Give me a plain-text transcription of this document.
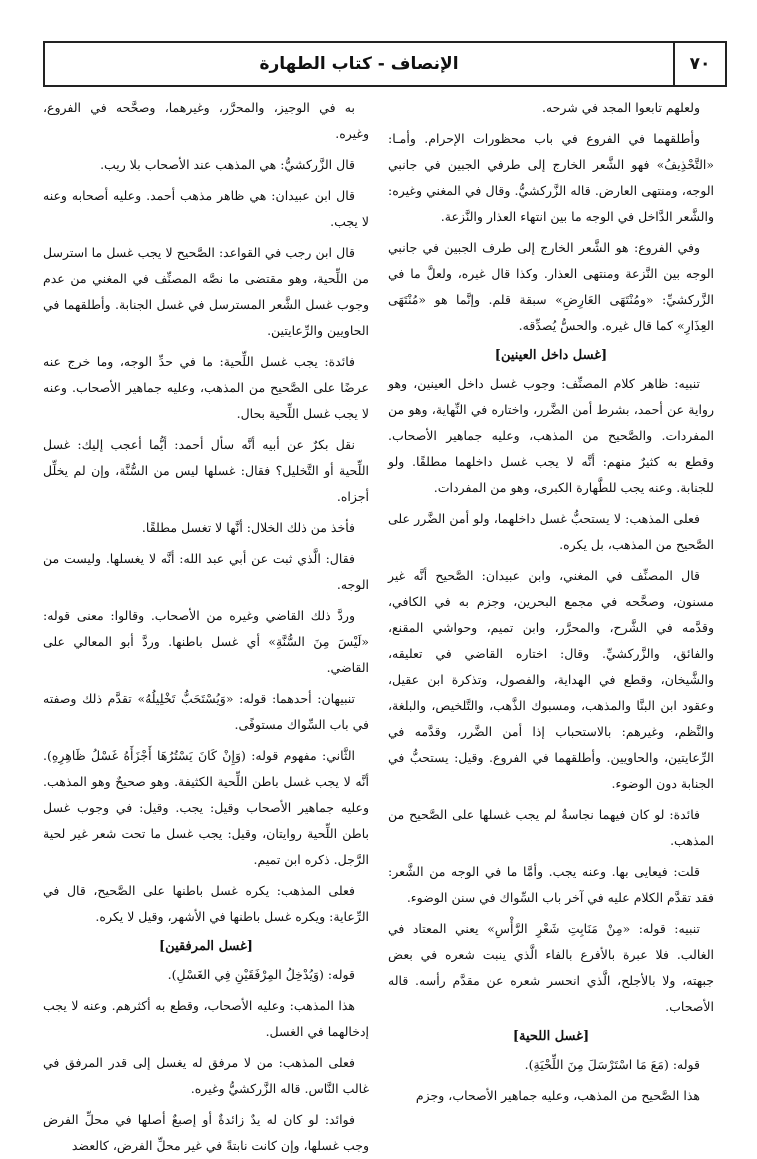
٧٠
الإنصاف - كتاب الطهارة

ولعلهم تابعوا المجد في شرحه.

وأطلقهما في الفروع في باب محظورات الإحرام. وأمـا: «التَّحْذِيفُ» فهو الشَّعر الخارج إلى طرفي الجبين في جانبي الوجه، ومنتهى العارض. قاله الزَّركشيُّ. وقال في المغني وغيره: والشَّعر الدَّاخل في الوجه ما بين انتهاء العذار والنَّزعة.

وفي الفروع: هو الشَّعر الخارج إلى طرف الجبين في جانبي الوجه بين النَّزعة ومنتهى العذار. وكذا قال غيره، ولعلَّ ما في الزَّركشيِّ: «ومُنْتَهَى العَارِضِ» سبقة قلم. وإنَّما هو «مُنْتَهَى العِذَارِ» كما قال غيره. والحسُّ يُصدِّقه.

[غسل داخل العينين]

تنبيه: ظاهر كلام المصنِّف: وجوب غسل داخل العينين، وهو رواية عن أحمد، بشرط أمن الضَّرر، واختاره في النِّهاية، وهو من المفردات. والصَّحيح من المذهب، وعليه جماهير الأصحاب. وقطع به كثيرٌ منهم: أنَّه لا يجب غسل داخلهما مطلقًا. ولو للجنابة. وعنه يجب للطَّهارة الكبرى، وهو من المفردات.

فعلى المذهب: لا يستحبُّ غسل داخلهما، ولو أمن الضَّرر على الصَّحيح من المذهب، بل يكره.

قال المصنِّف في المغني، وابن عبيدان: الصَّحيح أنَّه غير مسنون، وصحَّحه في مجمع البحرين، وجزم به في الكافي، وقدَّمه في الشَّرح، والمحرَّر، وابن تميم، وحواشي المقنع، والفائق، والزَّركشيِّ. وقال: اختاره القاضي في تعليقه، والشَّيخان، وقطع في الهداية، والفصول، وتذكرة ابن عقيل، وعقود ابن البنَّا والمذهب، ومسبوك الذَّهب، والتَّلخيص، والبلغة، والنَّظم، وغيرهم: بالاستحباب إذا أمن الضَّرر، وقدَّمه في الرِّعايتين، والحاويين. وأطلقهما في الفروع. وقيل: يستحبُّ في الجنابة دون الوضوء.

فائدة: لو كان فيهما نجاسةٌ لم يجب غسلها على الصَّحيح من المذهب.

قلت: فيعايى بها. وعنه يجب. وأمَّا ما في الوجه من الشَّعر: فقد تقدَّم الكلام عليه في آخر باب السِّواك في سنن الوضوء.

تنبيه: قوله: «مِنْ مَنَابِتِ شَعْرِ الرَّأْسِ» يعني المعتاد في الغالب. فلا عبرة بالأفرع بالفاء الَّذي ينبت شعره في بعض جبهته، ولا بالأجلح، الَّذي انحسر شعره عن مقدَّم رأسه. قاله الأصحاب.

[غسل اللحية]

قوله: (مَعَ مَا اسْتَرْسَلَ مِنَ اللِّحْيَةِ).

هذا الصَّحيح من المذهب، وعليه جماهير الأصحاب، وجزم

به في الوجيز، والمحرَّر، وغيرهما، وصحَّحه في الفروع، وغيره.

قال الزَّركشيُّ: هي المذهب عند الأصحاب بلا ريب.

قال ابن عبيدان: هي ظاهر مذهب أحمد. وعليه أصحابه وعنه لا يجب.

قال ابن رجب في القواعد: الصَّحيح لا يجب غسل ما استرسل من اللِّحية، وهو مقتضى ما نصَّه المصنِّف في المغني من عدم وجوب غسل الشَّعر المسترسل في غسل الجنابة. وأطلقهما في الحاويين والرِّعايتين.

فائدة: يجب غسل اللِّحية: ما في حدِّ الوجه، وما خرج عنه عرضًا على الصَّحيح من المذهب، وعليه جماهير الأصحاب. وعنه لا يجب غسل اللِّحية بحال.

نقل بكرٌ عن أبيه أنَّه سأل أحمد: أيُّما أعجب إليك: غسل اللِّحية أو التَّخليل؟ فقال: غسلها ليس من السُّنَّة، وإن لم يخلِّل أجزاه.

فأخذ من ذلك الخلال: أنَّها لا تغسل مطلقًا.

فقال: الَّذي ثبت عن أبي عبد الله: أنَّه لا يغسلها. وليست من الوجه.

وردَّ ذلك القاضي وغيره من الأصحاب. وقالوا: معنى قوله: «لَيْسَ مِنَ السُّنَّةِ» أي غسل باطنها. وردَّ أبو المعالي على القاضي.

تنبيهان: أحدهما: قوله: «وَيُسْتَحَبُّ تَخْلِيلُهُ» تقدَّم ذلك وصفته في باب السِّواك مستوفًى.

الثَّاني: مفهوم قوله: (وَإِنْ كَانَ يَسْتُرُهَا أَجْزَأَهُ غَسْلُ ظَاهِرِهِ). أنَّه لا يجب غسل باطن اللِّحية الكثيفة. وهو صحيحٌ وهو المذهب. وعليه جماهير الأصحاب وقيل: يجب. وقيل: في وجوب غسل باطن اللِّحية روايتان، وقيل: يجب غسل ما تحت شعر غير لحية الرَّجل. ذكره ابن تميم.

فعلى المذهب: يكره غسل باطنها على الصَّحيح، قال في الرِّعاية: ويكره غسل باطنها في الأشهر، وقيل لا يكره.

[غسل المرفقين]

قوله: (وَيُدْخِلُ المِرْفَقَيْنِ فِي الغَسْلِ).

هذا المذهب: وعليه الأصحاب، وقطع به أكثرهم. وعنه لا يجب إدخالهما في الغسل.

فعلى المذهب: من لا مرفق له يغسل إلى قدر المرفق في غالب النَّاس. قاله الزَّركشيُّ وغيره.

فوائد: لو كان له يدٌ زائدةٌ أو إصبعٌ أصلها في محلِّ الفرض وجب غسلها، وإن كانت نابتةً في غير محلِّ الفرض، كالعضد
